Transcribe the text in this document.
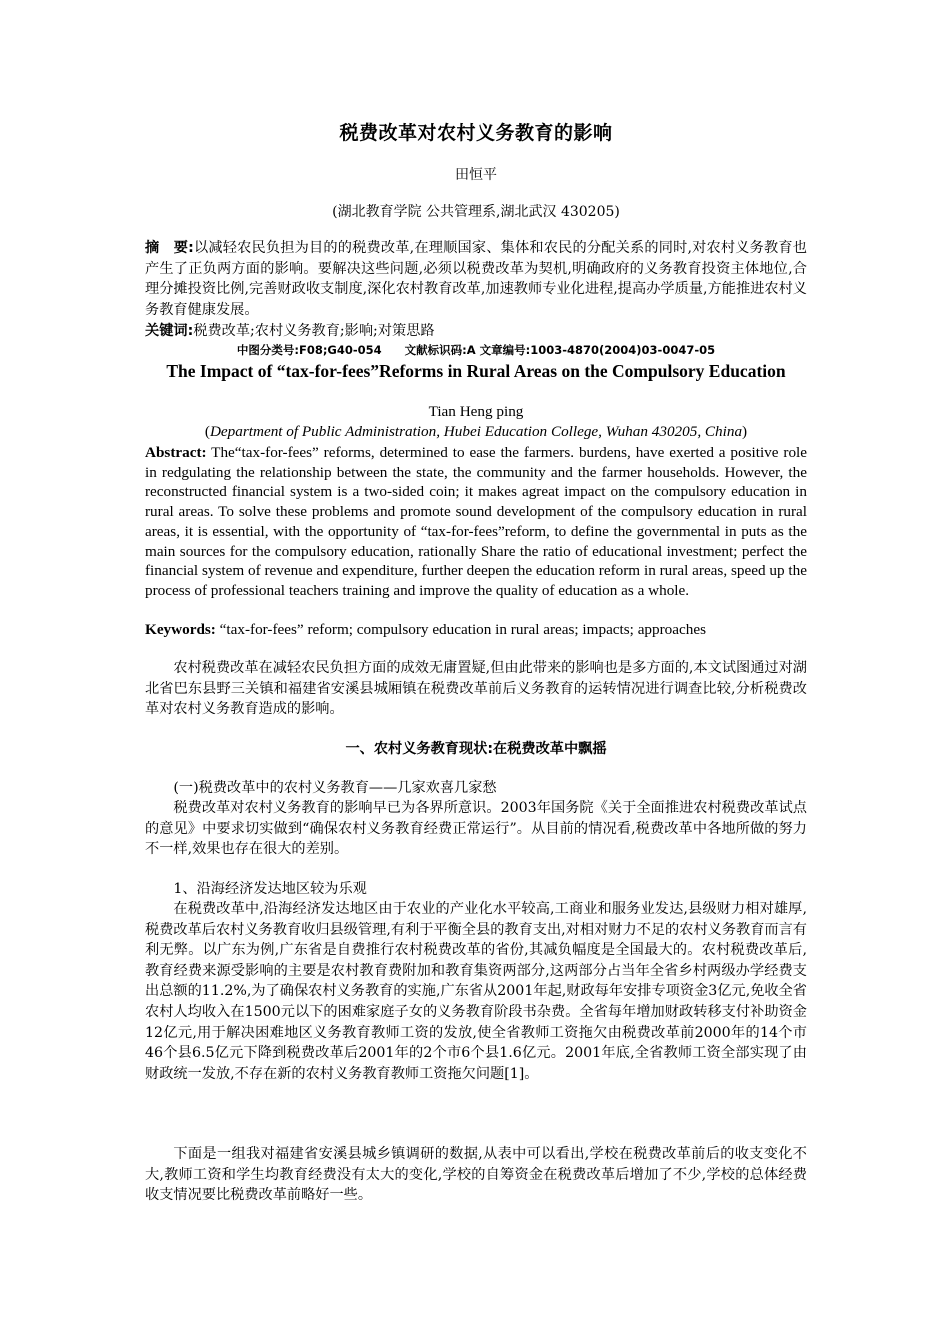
税费改革对农村义务教育的影响
田恒平
(湖北教育学院 公共管理系,湖北武汉 430205)
摘　要:以减轻农民负担为目的的税费改革,在理顺国家、集体和农民的分配关系的同时,对农村义务教育也产生了正负两方面的影响。要解决这些问题,必须以税费改革为契机,明确政府的义务教育投资主体地位,合理分摊投资比例,完善财政收支制度,深化农村教育改革,加速教师专业化进程,提高办学质量,方能推进农村义务教育健康发展。
关键词:税费改革;农村义务教育;影响;对策思路
中图分类号:F08;G40-054　　文献标识码:A 文章编号:1003-4870(2004)03-0047-05
The Impact of “tax-for-fees”Reforms in Rural Areas on the Compulsory Education
Tian Heng ping
(Department of Public Administration, Hubei Education College, Wuhan 430205, China)
Abstract: The“tax-for-fees” reforms, determined to ease the farmers. burdens, have exerted a positive role in redgulating the relationship between the state, the community and the farmer households. However, the reconstructed financial system is a two-sided coin; it makes agreat impact on the compulsory education in rural areas. To solve these problems and promote sound development of the compulsory education in rural areas, it is essential, with the opportunity of “tax-for-fees”reform, to define the governmental in puts as the main sources for the compulsory education, rationally Share the ratio of educational investment; perfect the financial system of revenue and expenditure, further deepen the education reform in rural areas, speed up the process of professional teachers training and improve the quality of education as a whole.
Keywords: “tax-for-fees” reform; compulsory education in rural areas; impacts; approaches

农村税费改革在减轻农民负担方面的成效无庸置疑,但由此带来的影响也是多方面的,本文试图通过对湖北省巴东县野三关镇和福建省安溪县城厢镇在税费改革前后义务教育的运转情况进行调查比较,分析税费改革对农村义务教育造成的影响。

一、农村义务教育现状:在税费改革中飘摇

(一)税费改革中的农村义务教育——几家欢喜几家愁

税费改革对农村义务教育的影响早已为各界所意识。2003年国务院《关于全面推进农村税费改革试点的意见》中要求切实做到“确保农村义务教育经费正常运行”。从目前的情况看,税费改革中各地所做的努力不一样,效果也存在很大的差别。

1、沿海经济发达地区较为乐观

在税费改革中,沿海经济发达地区由于农业的产业化水平较高,工商业和服务业发达,县级财力相对雄厚,税费改革后农村义务教育收归县级管理,有利于平衡全县的教育支出,对相对财力不足的农村义务教育而言有利无弊。以广东为例,广东省是自费推行农村税费改革的省份,其减负幅度是全国最大的。农村税费改革后,教育经费来源受影响的主要是农村教育费附加和教育集资两部分,这两部分占当年全省乡村两级办学经费支出总额的11.2%,为了确保农村义务教育的实施,广东省从2001年起,财政每年安排专项资金3亿元,免收全省农村人均收入在1500元以下的困难家庭子女的义务教育阶段书杂费。全省每年增加财政转移支付补助资金12亿元,用于解决困难地区义务教育教师工资的发放,使全省教师工资拖欠由税费改革前2000年的14个市46个县6.5亿元下降到税费改革后2001年的2个市6个县1.6亿元。2001年底,全省教师工资全部实现了由财政统一发放,不存在新的农村义务教育教师工资拖欠问题[1]。

下面是一组我对福建省安溪县城乡镇调研的数据,从表中可以看出,学校在税费改革前后的收支变化不大,教师工资和学生均教育经费没有太大的变化,学校的自筹资金在税费改革后增加了不少,学校的总体经费收支情况要比税费改革前略好一些。
